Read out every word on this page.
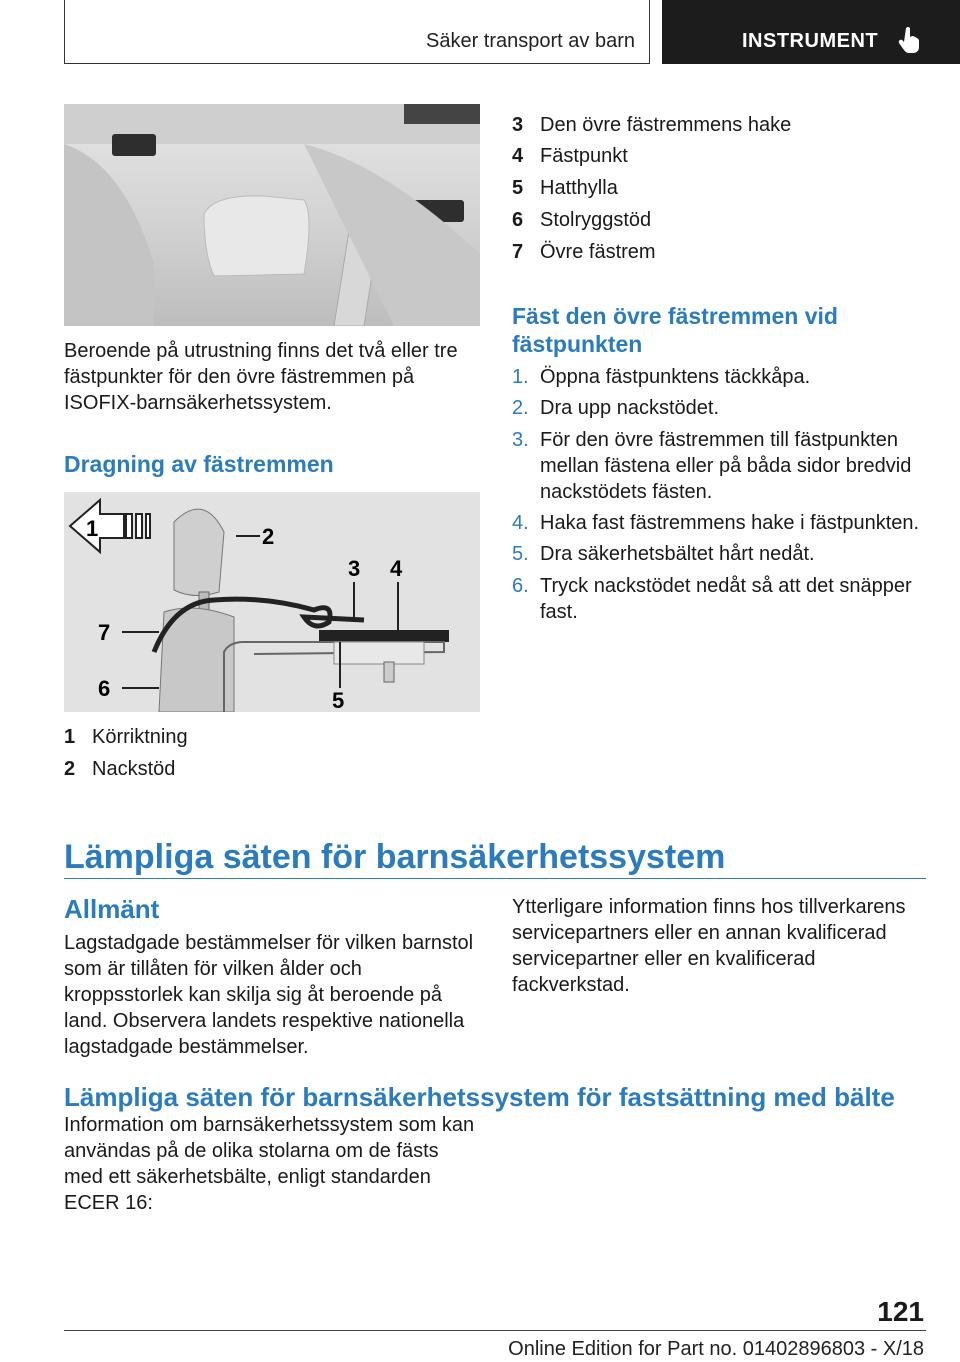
Säker transport av barn	INSTRUMENT
Beroende på utrustning finns det två eller tre fästpunkter för den övre fästremmen på ISOFIX-barnsäkerhetssystem.
Dragning av fästremmen
1	2
3 4
5
6
7
1 Körriktning
2 Nackstöd
3 Den övre fästremmens hake
4 Fästpunkt
5 Hatthylla
6 Stolryggstöd
7 Övre fästrem
Fäst den övre fästremmen vid
fästpunkten
1. Öppna fästpunktens täckkåpa.
2. Dra upp nackstödet.
3. För den övre fästremmen till fästpunkten mellan fästena eller på båda sidor bredvid nackstödets fästen.
4. Haka fast fästremmens hake i fästpunkten.
5. Dra säkerhetsbältet hårt nedåt.
6. Tryck nackstödet nedåt så att det snäpper fast.
Lämpliga säten för barnsäkerhetssystem
Allmänt
Lagstadgade bestämmelser för vilken barnstol som är tillåten för vilken ålder och kroppsstorlek kan skilja sig åt beroende på land. Observera landets respektive nationella lagstadgade bestämmelser.
Ytterligare information finns hos tillverkarens servicepartners eller en annan kvalificerad servicepartner eller en kvalificerad fackverkstad.
Lämpliga säten för barnsäkerhetssystem för fastsättning med bälte
Information om barnsäkerhetssystem som kan användas på de olika stolarna om de fästs med ett säkerhetsbälte, enligt standarden ECER 16:
121
Online Edition for Part no. 01402896803 - X/18
